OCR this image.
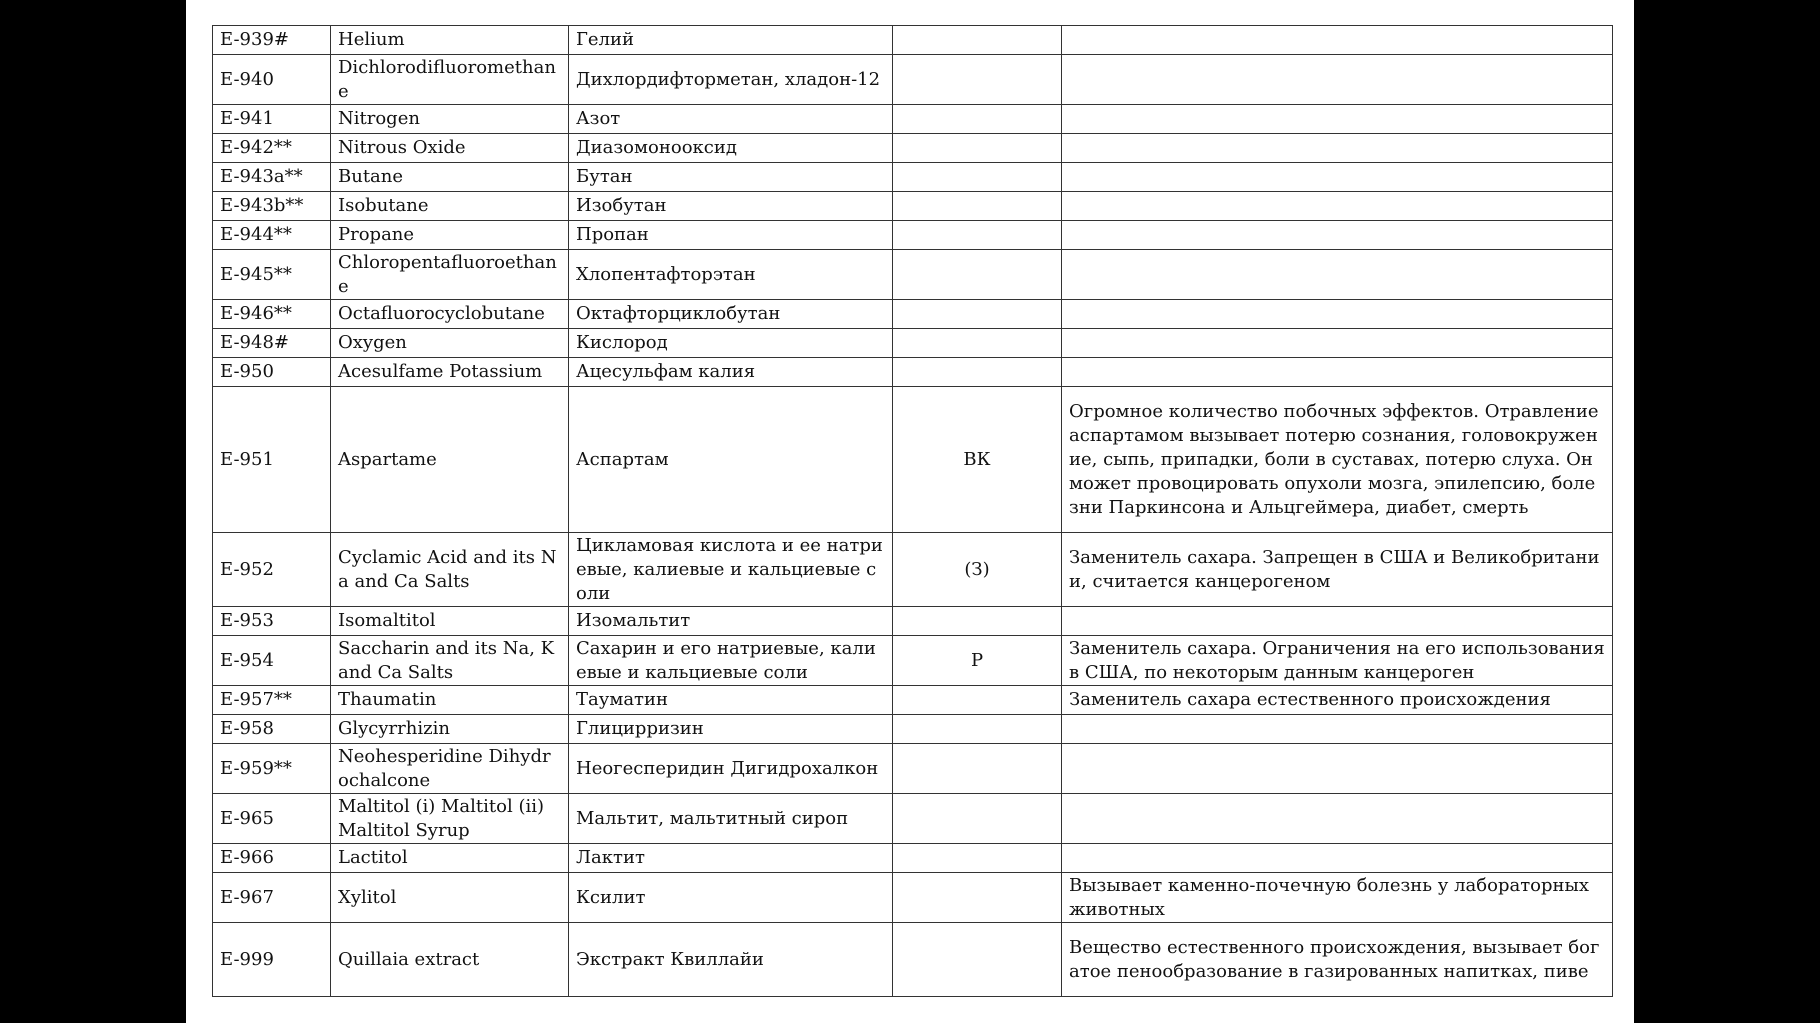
E-939#	Helium	Гелий		
E-940	Dichlorodifluoromethane	Дихлордифторметан, хладон-12		
E-941	Nitrogen	Азот		
E-942**	Nitrous Oxide	Диазомонооксид		
E-943a**	Butane	Бутан		
E-943b**	Isobutane	Изобутан		
E-944**	Propane	Пропан		
E-945**	Chloropentafluoroethane	Хлопентафторэтан		
E-946**	Octafluorocyclobutane	Октафторциклобутан		
E-948#	Oxygen	Кислород		
E-950	Acesulfame Potassium	Ацесульфам калия		
E-951	Aspartame	Аспартам	ВК	Огромное количество побочных эффектов. Отравление аспартамом вызывает потерю сознания, головокружение, сыпь, припадки, боли в суставах, потерю слуха. Он может провоцировать опухоли мозга, эпилепсию, болезни Паркинсона и Альцгеймера, диабет, смерть
E-952	Cyclamic Acid and its Na and Ca Salts	Цикламовая кислота и ее натриевые, калиевые и кальциевые соли	(З)	Заменитель сахара. Запрещен в США и Великобритании, считается канцерогеном
E-953	Isomaltitol	Изомальтит		
E-954	Saccharin and its Na, K and Ca Salts	Сахарин и его натриевые, калиевые и кальциевые соли	Р	Заменитель сахара. Ограничения на его использования в США, по некоторым данным канцероген
E-957**	Thaumatin	Тауматин		Заменитель сахара естественного происхождения
E-958	Glycyrrhizin	Глицирризин		
E-959**	Neohesperidine Dihydrochalcone	Неогесперидин Дигидрохалкон		
E-965	Maltitol (i) Maltitol (ii) Maltitol Syrup	Мальтит, мальтитный сироп		
E-966	Lactitol	Лактит		
E-967	Xylitol	Ксилит		Вызывает каменно-почечную болезнь у лабораторных животных
E-999	Quillaia extract	Экстракт Квиллайи		Вещество естественного происхождения, вызывает богатое пенообразование в газированных напитках, пиве
